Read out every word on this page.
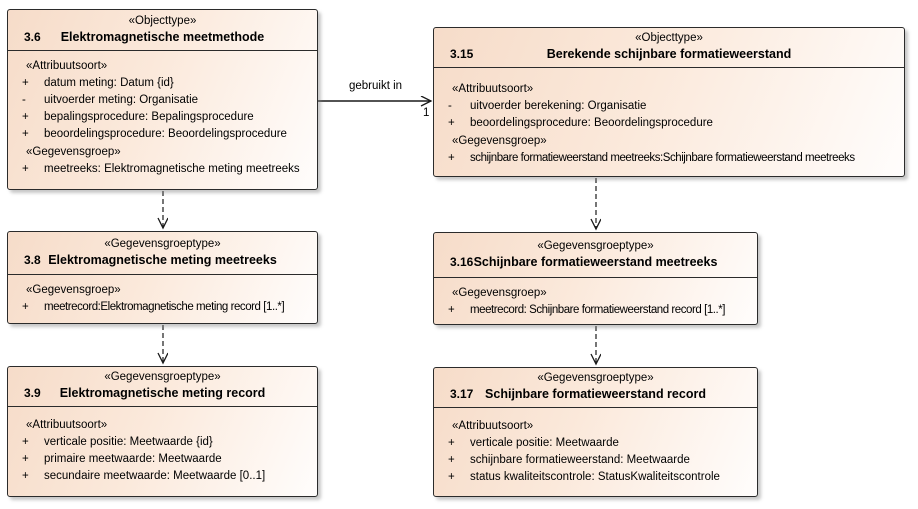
gebruikt in
1
«Objecttype»
3.6 Elektromagnetische meetmethode
«Attribuutsoort»
+ datum meting: Datum {id}
- uitvoerder meting: Organisatie
+ bepalingsprocedure: Bepalingsprocedure
+ beoordelingsprocedure: Beoordelingsprocedure
«Gegevensgroep»
+ meetreeks: Elektromagnetische meting meetreeks
«Objecttype»
3.15	Berekende schijnbare formatieweerstand
«Attribuutsoort»
- uitvoerder berekening: Organisatie
+ beoordelingsprocedure: Beoordelingsprocedure
«Gegevensgroep»
+ schijnbare formatieweerstand meetreeks:Schijnbare formatieweerstand meetreeks
«Gegevensgroeptype»
3.8 Elektromagnetische meting meetreeks
«Gegevensgroep»
+ meetrecord:Elektromagnetische meting record [1..*]
«Gegevensgroeptype»
3.16 Schijnbare formatieweerstand meetreeks
«Gegevensgroep»
+ meetrecord: Schijnbare formatieweerstand record [1..*]
«Gegevensgroeptype»
3.9 Elektromagnetische meting record
«Attribuutsoort»
+ verticale positie: Meetwaarde {id}
+ primaire meetwaarde: Meetwaarde
+ secundaire meetwaarde: Meetwaarde [0..1]
«Gegevensgroeptype»
3.17 Schijnbare formatieweerstand record
«Attribuutsoort»
+ verticale positie: Meetwaarde
+ schijnbare formatieweerstand: Meetwaarde
+ status kwaliteitscontrole: StatusKwaliteitscontrole
